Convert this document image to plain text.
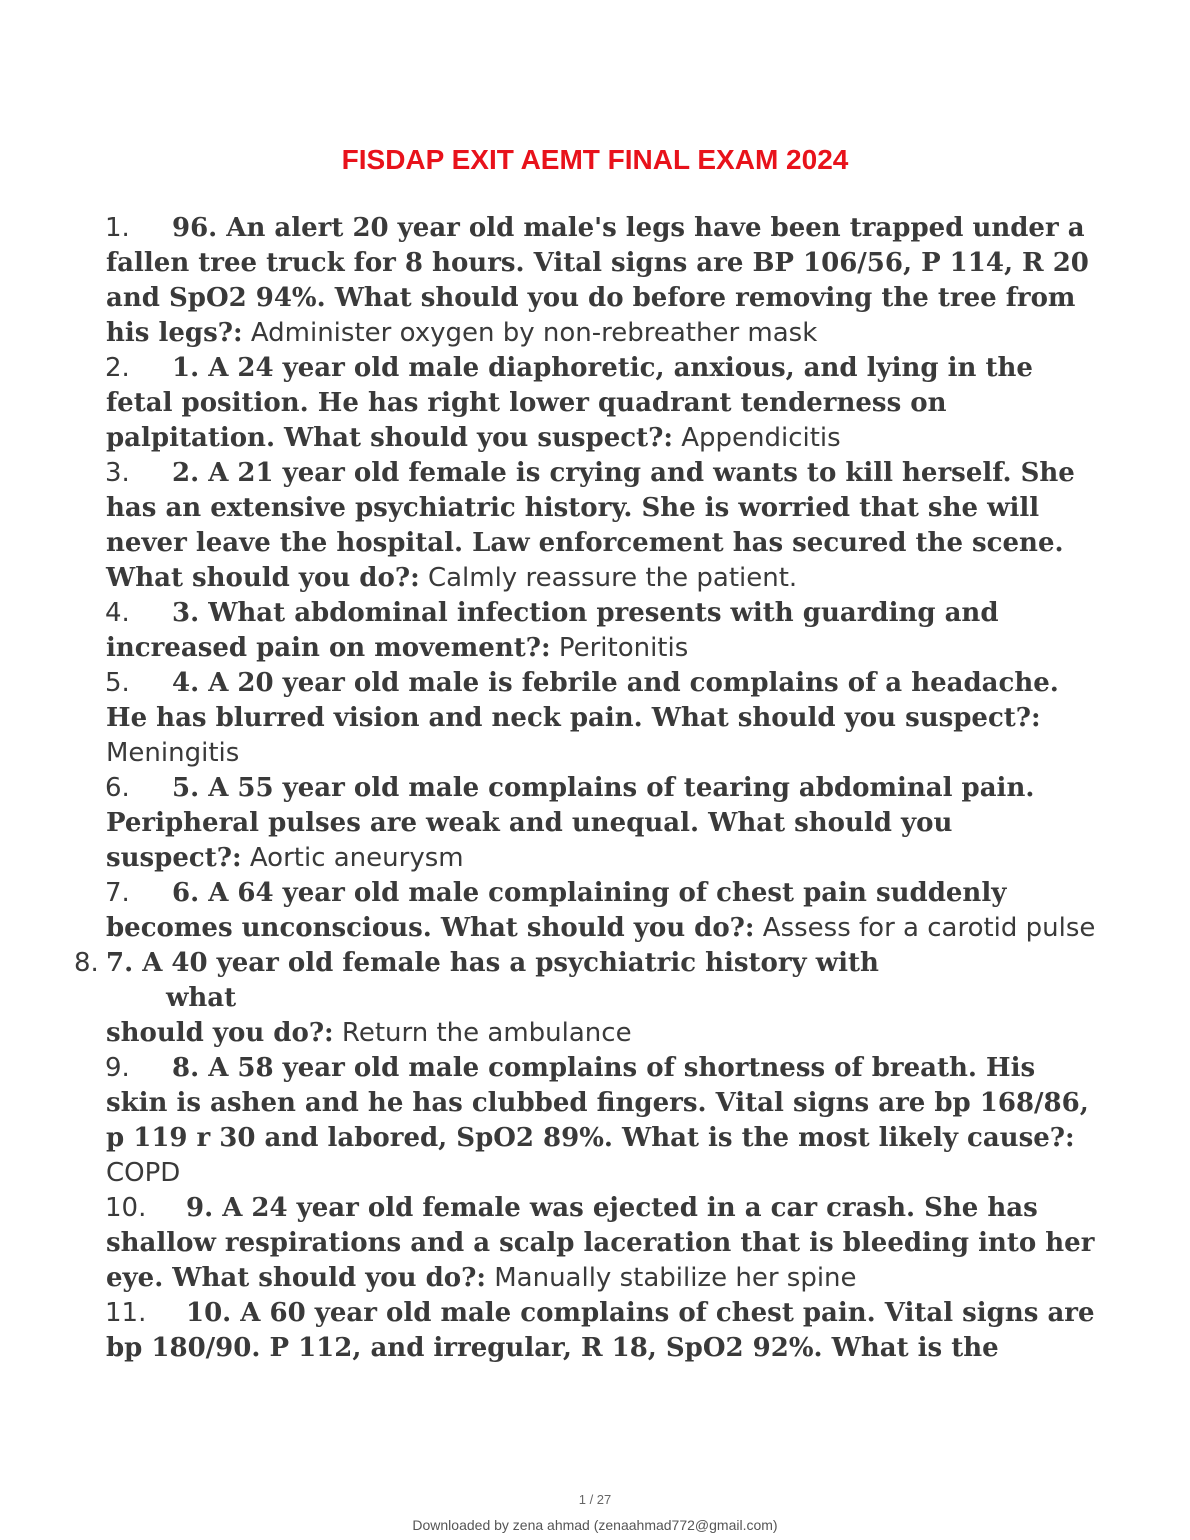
FISDAP EXIT AEMT FINAL EXAM 2024
1.	96. An alert 20 year old male's legs have been trapped under a fallen tree truck for 8 hours. Vital signs are BP 106/56, P 114, R 20 and SpO2 94%. What should you do before removing the tree from his legs?: Administer oxygen by non-rebreather mask
2.	1. A 24 year old male diaphoretic, anxious, and lying in the fetal position. He has right lower quadrant tenderness on palpitation. What should you suspect?: Appendicitis
3.	2. A 21 year old female is crying and wants to kill herself. She has an extensive psychiatric history. She is worried that she will never leave the hospital. Law enforcement has secured the scene. What should you do?: Calmly reassure the patient.
4.	3. What abdominal infection presents with guarding and increased pain on movement?: Peritonitis
5.	4. A 20 year old male is febrile and complains of a headache. He has blurred vision and neck pain. What should you suspect?: Meningitis
6.	5. A 55 year old male complains of tearing abdominal pain. Peripheral pulses are weak and unequal. What should you suspect?: Aortic aneurysm
7.	6. A 64 year old male complaining of chest pain suddenly becomes unconscious. What should you do?: Assess for a carotid pulse
8. 7. A 40 year old female has a psychiatric history with
what
should you do?: Return the ambulance
9.	8. A 58 year old male complains of shortness of breath. His skin is ashen and he has clubbed fingers. Vital signs are bp 168/86, p 119 r 30 and labored, SpO2 89%. What is the most likely cause?: COPD
10.	9. A 24 year old female was ejected in a car crash. She has shallow respirations and a scalp laceration that is bleeding into her eye. What should you do?: Manually stabilize her spine
11.	10. A 60 year old male complains of chest pain. Vital signs are bp 180/90. P 112, and irregular, R 18, SpO2 92%. What is the
1 / 27
Downloaded by zena ahmad (zenaahmad772@gmail.com)
